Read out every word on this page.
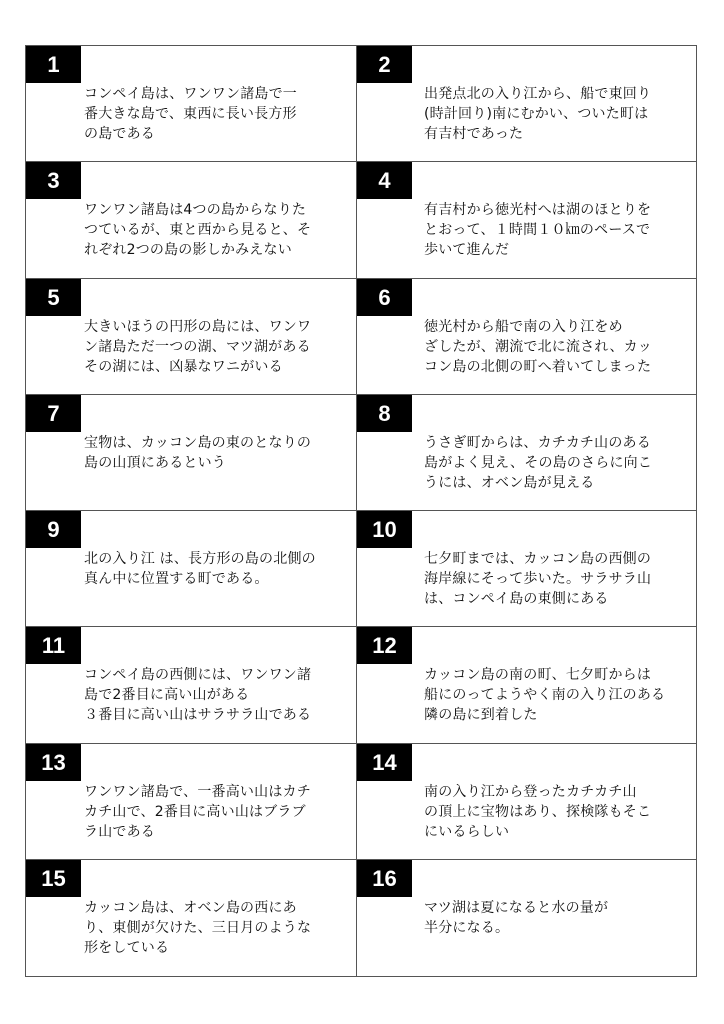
1
コンペイ島は、ワンワン諸島で一
番大きな島で、東西に長い長方形
の島である
2
出発点北の入り江から、船で東回り
(時計回り)南にむかい、ついた町は
有吉村であった
3
ワンワン諸島は4つの島からなりた
つているが、東と西から見ると、そ
れぞれ2つの島の影しかみえない
4
有吉村から徳光村へは湖のほとりを
とおって、１時間１０㎞のペースで
歩いて進んだ
5
大きいほうの円形の島には、ワンワ
ン諸島ただ一つの湖、マツ湖がある
その湖には、凶暴なワニがいる
6
徳光村から船で南の入り江をめ
ざしたが、潮流で北に流され、カッ
コン島の北側の町へ着いてしまった
7
宝物は、カッコン島の東のとなりの
島の山頂にあるという
8
うさぎ町からは、カチカチ山のある
島がよく見え、その島のさらに向こ
うには、オベン島が見える
9
北の入り江 は、長方形の島の北側の
真ん中に位置する町である。
10
七夕町までは、カッコン島の西側の
海岸線にそって歩いた。サラサラ山
は、コンペイ島の東側にある
11
コンペイ島の西側には、ワンワン諸
島で2番目に高い山がある
３番目に高い山はサラサラ山である
12
カッコン島の南の町、七夕町からは
船にのってようやく南の入り江のある
隣の島に到着した
13
ワンワン諸島で、一番高い山はカチ
カチ山で、2番目に高い山はブラブ
ラ山である
14
南の入り江から登ったカチカチ山
の頂上に宝物はあり、探検隊もそこ
にいるらしい
15
カッコン島は、オベン島の西にあ
り、東側が欠けた、三日月のような
形をしている
16
マツ湖は夏になると水の量が
半分になる。
